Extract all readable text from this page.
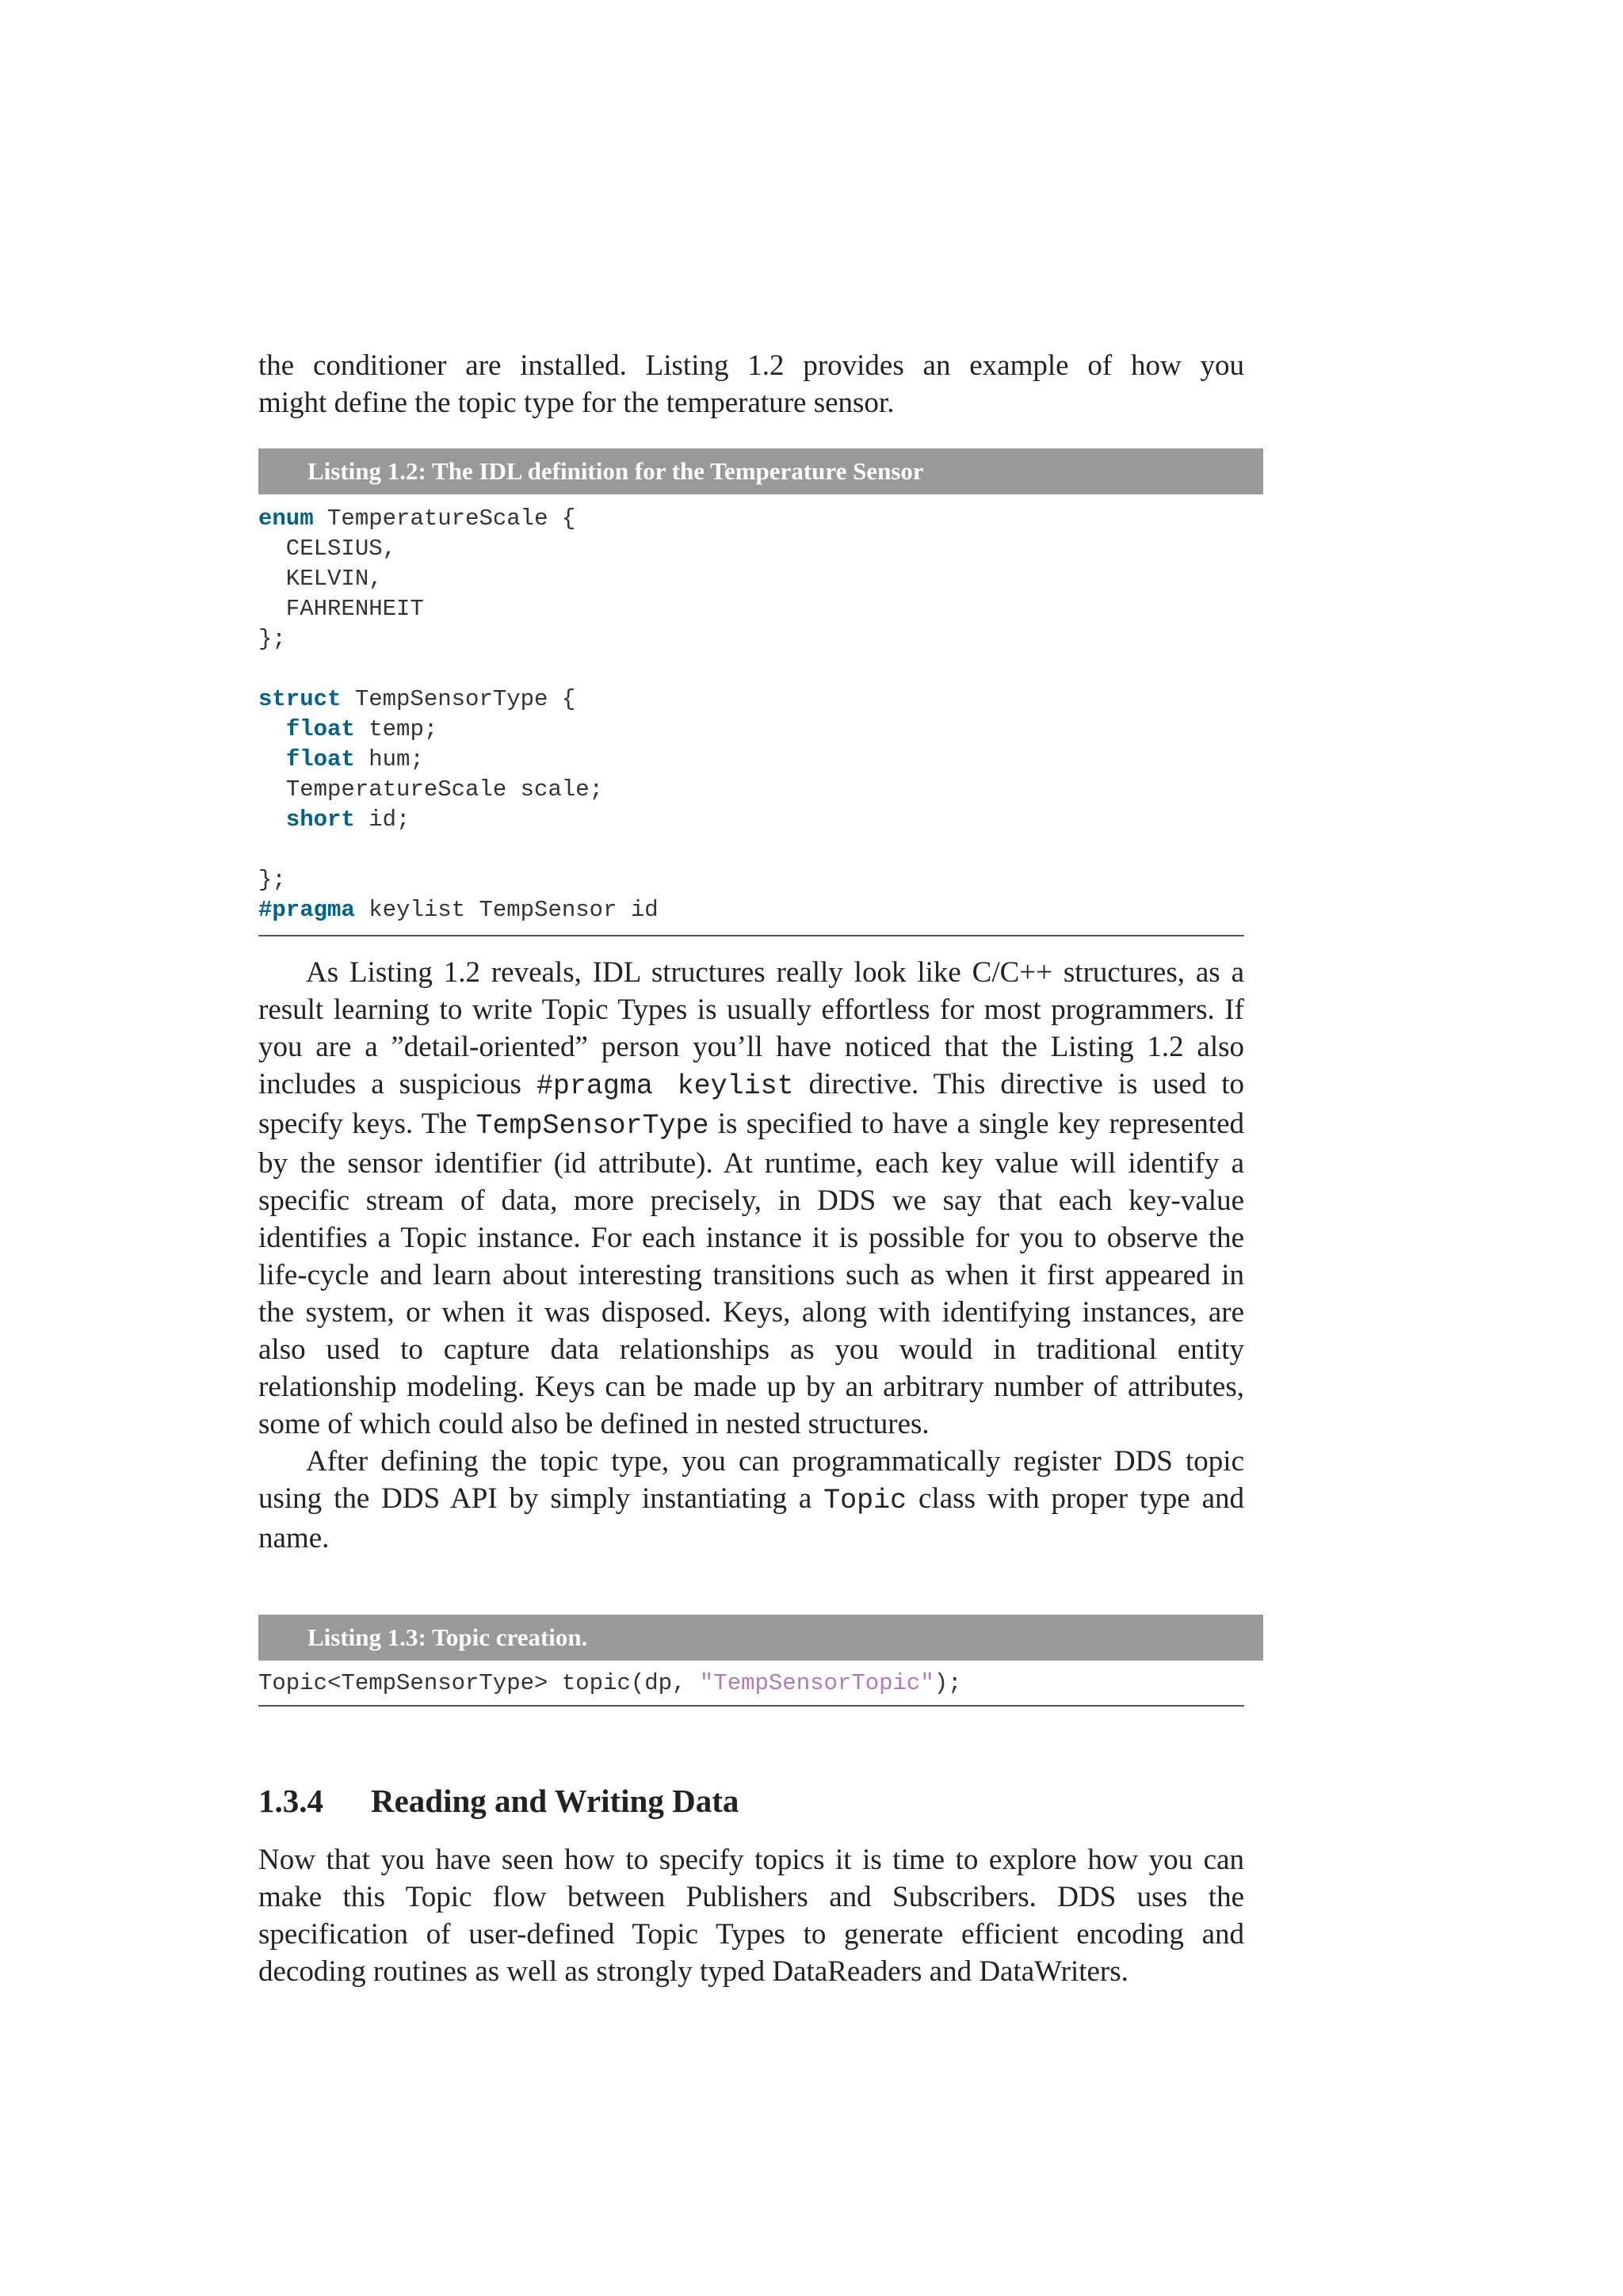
the conditioner are installed. Listing 1.2 provides an example of how you

might define the topic type for the temperature sensor.

Listing 1.2: The IDL definition for the Temperature Sensor
enum TemperatureScale {
CELSIUS,
KELVIN,
FAHRENHEIT
};

struct TempSensorType {
float temp;
float hum;
TemperatureScale scale;
short id;

};
#pragma keylist TempSensor id

As Listing 1.2 reveals, IDL structures really look like C/C++ structures, as a result learning to write Topic Types is usually effortless for most programmers. If you are a ”detail-oriented” person you’ll have noticed that the Listing 1.2 also includes a suspicious #pragma keylist directive. This directive is used to specify keys. The TempSensorType is specified to have a single key represented by the sensor identifier (id attribute). At runtime, each key value will identify a specific stream of data, more precisely, in DDS we say that each key-value identifies a Topic instance. For each instance it is possible for you to observe the life-cycle and learn about interesting transitions such as when it first appeared in the system, or when it was disposed. Keys, along with identifying instances, are also used to capture data relationships as you would in traditional entity relationship modeling. Keys can be made up by an arbitrary number of attributes, some of which could also be defined in nested structures.

After defining the topic type, you can programmatically register DDS topic using the DDS API by simply instantiating a Topic class with proper type and name.

Listing 1.3: Topic creation.
Topic<TempSensorType> topic(dp, "TempSensorTopic");
1.3.4 Reading and Writing Data

Now that you have seen how to specify topics it is time to explore how you can make this Topic flow between Publishers and Subscribers. DDS uses the specification of user-defined Topic Types to generate efficient encoding and decoding routines as well as strongly typed DataReaders and DataWriters.
